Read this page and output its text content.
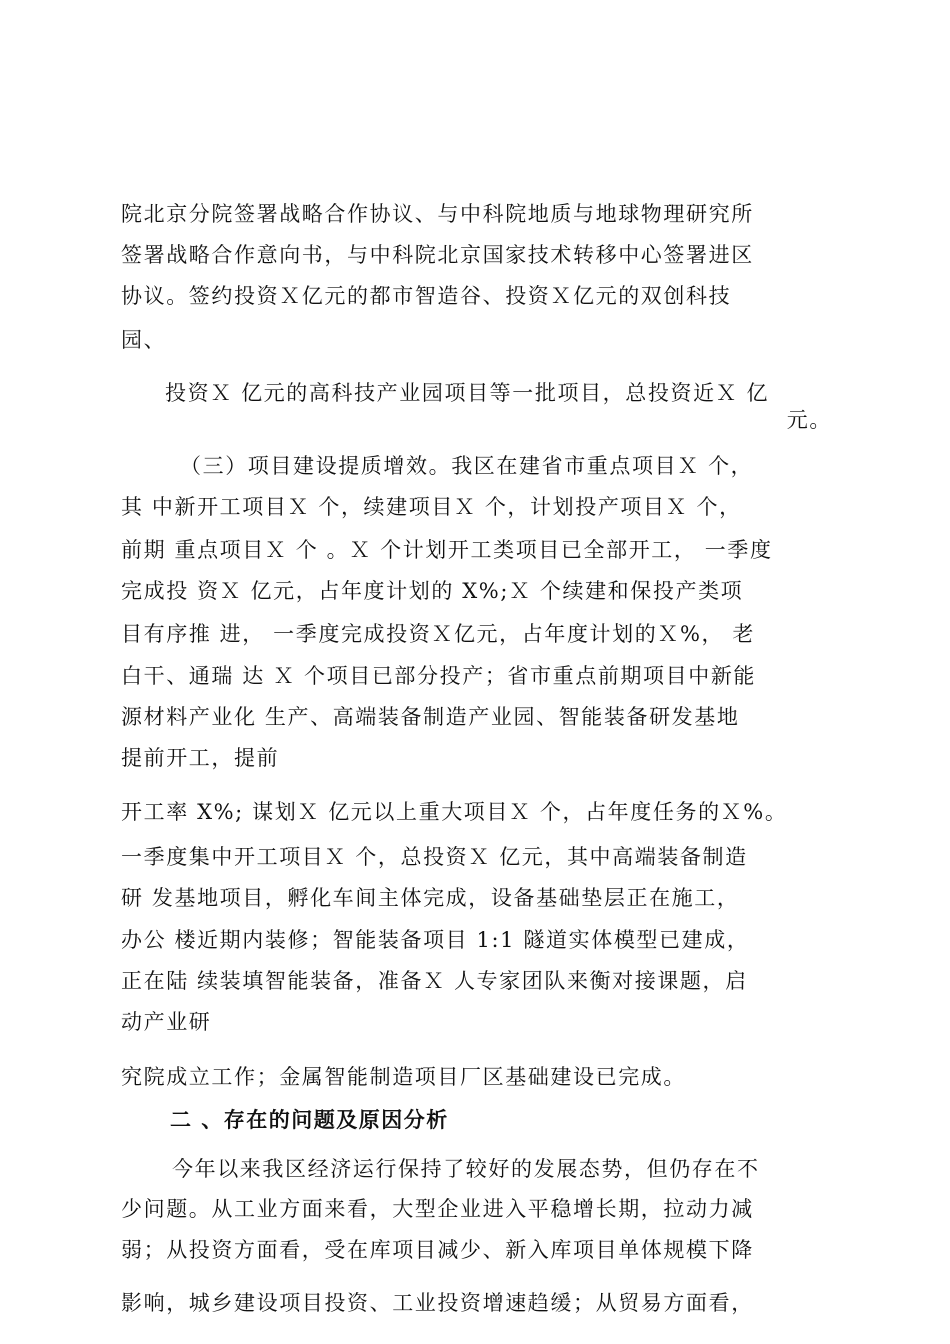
院北京分院签署战略合作协议、与中科院地质与地球物理研究所
签署战略合作意向书，与中科院北京国家技术转移中心签署进区
协议。签约投资Ｘ亿元的都市智造谷、投资Ｘ亿元的双创科技
园、
投资Ｘ 亿元的高科技产业园项目等一批项目，总投资近Ｘ 亿
元。
（三）项目建设提质增效。我区在建省市重点项目Ｘ 个，
其 中新开工项目Ｘ 个，续建项目Ｘ 个，计划投产项目Ｘ 个，
前期 重点项目Ｘ 个 。Ｘ 个计划开工类项目已全部开工， 一季度
完成投 资Ｘ 亿元，占年度计划的 X%;Ｘ 个续建和保投产类项
目有序推 进， 一季度完成投资Ｘ亿元，占年度计划的Ｘ%， 老
白干、通瑞 达 Ｘ 个项目已部分投产；省市重点前期项目中新能
源材料产业化 生产、高端装备制造产业园、智能装备研发基地
提前开工，提前
开工率 X%; 谋划Ｘ 亿元以上重大项目Ｘ 个，占年度任务的Ｘ%。
一季度集中开工项目Ｘ 个，总投资Ｘ 亿元，其中高端装备制造
研 发基地项目，孵化车间主体完成，设备基础垫层正在施工，
办公 楼近期内装修；智能装备项目 1:1 隧道实体模型已建成，
正在陆 续装填智能装备，准备Ｘ 人专家团队来衡对接课题，启
动产业研
究院成立工作；金属智能制造项目厂区基础建设已完成。
二 、存在的问题及原因分析
今年以来我区经济运行保持了较好的发展态势，但仍存在不
少问题。从工业方面来看，大型企业进入平稳增长期，拉动力减
弱；从投资方面看，受在库项目减少、新入库项目单体规模下降
影响，城乡建设项目投资、工业投资增速趋缓；从贸易方面看，
